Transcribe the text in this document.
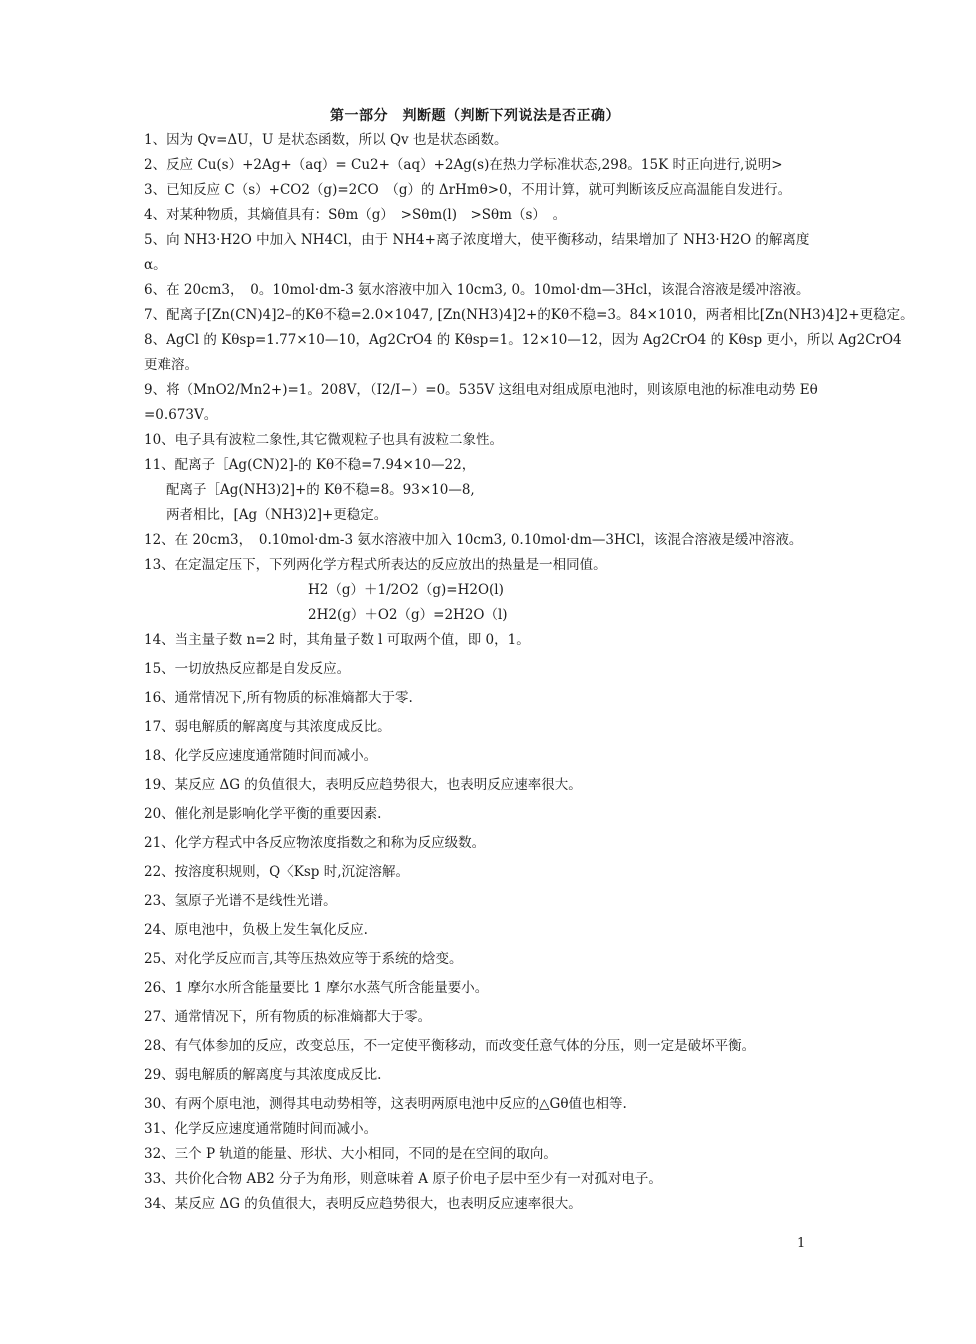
第一部分　判断题（判断下列说法是否正确）
1、因为 Qv=ΔU，U 是状态函数，所以 Qv 也是状态函数。
2、反应 Cu(s）+2Ag+（aq）= Cu2+（aq）+2Ag(s)在热力学标准状态,298。15K 时正向进行,说明>
3、已知反应 C（s）+CO2（g)=2CO　（g）的 ΔrHmθ>0，不用计算，就可判断该反应高温能自发进行。
4、对某种物质，其熵值具有：Sθm（g）　>Sθm(l)　>Sθm（s）　。
5、向 NH3·H2O 中加入 NH4Cl，由于 NH4+离子浓度增大，使平衡移动，结果增加了 NH3·H2O 的解离度
α。
6、在 20cm3，　0。10mol·dm-3 氨水溶液中加入 10cm3, 0。10mol·dm—3Hcl，该混合溶液是缓冲溶液。
7、配离子[Zn(CN)4]2–的Kθ不稳=2.0×1047, [Zn(NH3)4]2+的Kθ不稳=3。84×1010，两者相比[Zn(NH3)4]2+更稳定。
8、AgCl 的 Kθsp=1.77×10—10，Ag2CrO4 的 Kθsp=1。12×10—12，因为 Ag2CrO4 的 Kθsp 更小，所以 Ag2CrO4
更难溶。
9、将（MnO2/Mn2+)=1。208V，（I2/I−）=0。535V 这组电对组成原电池时，则该原电池的标准电动势 Eθ
=0.673V。
10、电子具有波粒二象性,其它微观粒子也具有波粒二象性。
11、配离子［Ag(CN)2]-的 Kθ不稳=7.94×10—22，
配离子［Ag(NH3)2]+的 Kθ不稳=8。93×10—8,
两者相比，[Ag（NH3)2]+更稳定。
12、在 20cm3，　0.10mol·dm-3 氨水溶液中加入 10cm3, 0.10mol·dm—3HCl，该混合溶液是缓冲溶液。
13、在定温定压下，下列两化学方程式所表达的反应放出的热量是一相同值。
H2（g）＋1/2O2（g)=H2O(l)
2H2(g）＋O2（g）=2H2O（l)
14、当主量子数 n=2 时，其角量子数 l 可取两个值，即 0，1。
15、一切放热反应都是自发反应。
16、通常情况下,所有物质的标准熵都大于零.
17、弱电解质的解离度与其浓度成反比。
18、化学反应速度通常随时间而减小。
19、某反应 ΔG 的负值很大，表明反应趋势很大，也表明反应速率很大。
20、催化剂是影响化学平衡的重要因素.
21、化学方程式中各反应物浓度指数之和称为反应级数。
22、按溶度积规则，Q〈Ksp 时,沉淀溶解。
23、氢原子光谱不是线性光谱。
24、原电池中，负极上发生氧化反应.
25、对化学反应而言,其等压热效应等于系统的焓变。
26、1 摩尔水所含能量要比 1 摩尔水蒸气所含能量要小。
27、通常情况下，所有物质的标准熵都大于零。
28、有气体参加的反应，改变总压，不一定使平衡移动，而改变任意气体的分压，则一定是破坏平衡。
29、弱电解质的解离度与其浓度成反比.
30、有两个原电池，测得其电动势相等，这表明两原电池中反应的△Gθ值也相等.
31、化学反应速度通常随时间而减小。
32、三个 P 轨道的能量、形状、大小相同，不同的是在空间的取向。
33、共价化合物 AB2 分子为角形，则意味着 A 原子价电子层中至少有一对孤对电子。
34、某反应 ΔG 的负值很大，表明反应趋势很大，也表明反应速率很大。
1
